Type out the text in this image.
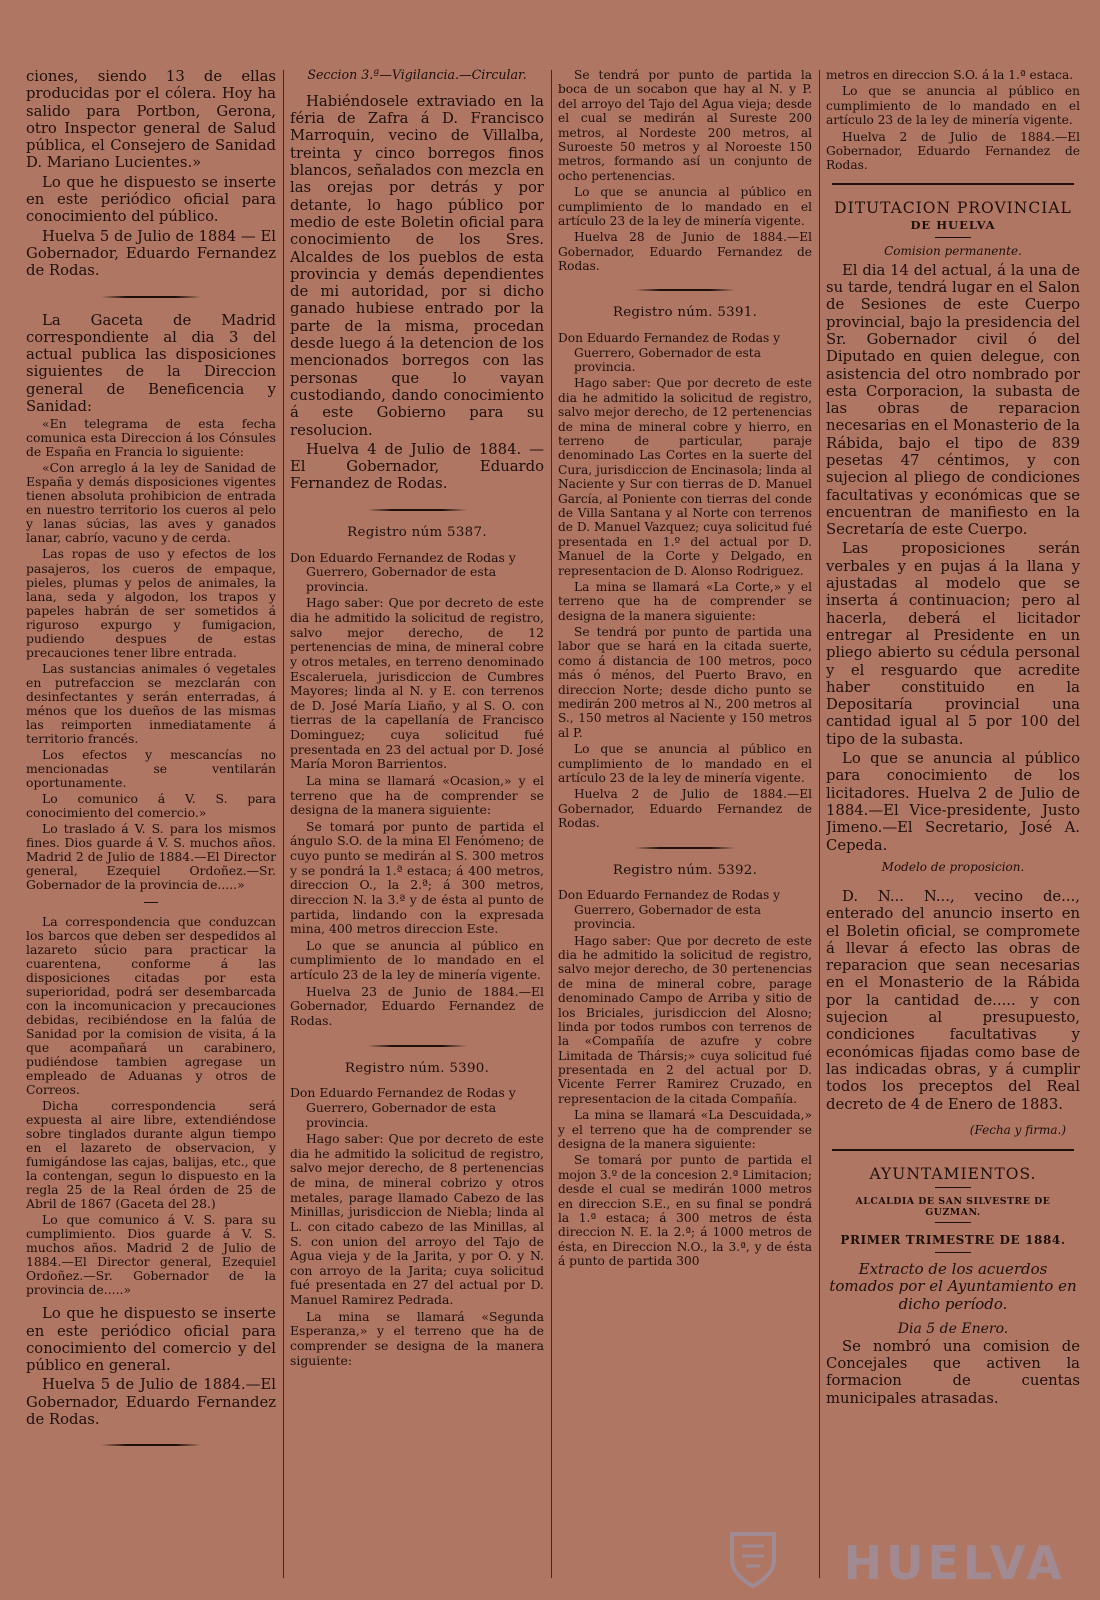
ciones, siendo 13 de ellas producidas por el cólera. Hoy ha salido para Portbon, Gerona, otro Inspector general de Salud pública, el Consejero de Sanidad D. Mariano Lucientes.»

Lo que he dispuesto se inserte en este periódico oficial para conocimiento del público.

Huelva 5 de Julio de 1884 — El Gobernador, Eduardo Fernandez de Rodas.

La Gaceta de Madrid correspondiente al dia 3 del actual publica las disposiciones siguientes de la Direccion general de Beneficencia y Sanidad:

«En telegrama de esta fecha comunica esta Direccion á los Cónsules de España en Francia lo siguiente:

«Con arreglo á la ley de Sanidad de España y demás disposiciones vigentes tienen absoluta prohibicion de entrada en nuestro territorio los cueros al pelo y lanas súcias, las aves y ganados lanar, cabrío, vacuno y de cerda.

Las ropas de uso y efectos de los pasajeros, los cueros de empaque, pieles, plumas y pelos de animales, la lana, seda y algodon, los trapos y papeles habrán de ser sometidos á riguroso expurgo y fumigacion, pudiendo despues de estas precauciones tener libre entrada.

Las sustancias animales ó vegetales en putrefaccion se mezclarán con desinfectantes y serán enterradas, á ménos que los dueños de las mismas las reimporten inmediatamente á territorio francés.

Los efectos y mescancías no mencionadas se ventilarán oportunamente.

Lo comunico á V. S. para conocimiento del comercio.»

Lo traslado á V. S. para los mismos fines. Dios guarde á V. S. muchos años. Madrid 2 de Julio de 1884.—El Director general, Ezequiel Ordoñez.—Sr. Gobernador de la provincia de.....»

La correspondencia que conduzcan los barcos que deben ser despedidos al lazareto súcio para practicar la cuarentena, conforme á las disposiciones citadas por esta superioridad, podrá ser desembarcada con la incomunicacion y precauciones debidas, recibiéndose en la falúa de Sanidad por la comision de visita, á la que acompañará un carabinero, pudiéndose tambien agregase un empleado de Aduanas y otros de Correos.

Dicha correspondencia será expuesta al aire libre, extendiéndose sobre tinglados durante algun tiempo en el lazareto de observacion, y fumigándose las cajas, balijas, etc., que la contengan, segun lo dispuesto en la regla 25 de la Real órden de 25 de Abril de 1867 (Gaceta del 28.)

Lo que comunico á V. S. para su cumplimiento. Dios guarde á V. S. muchos años. Madrid 2 de Julio de 1884.—El Director general, Ezequiel Ordoñez.—Sr. Gobernador de la provincia de.....»

Lo que he dispuesto se inserte en este periódico oficial para conocimiento del comercio y del público en general.

Huelva 5 de Julio de 1884.—El Gobernador, Eduardo Fernandez de Rodas.

Seccion 3.ª—Vigilancia.—Circular.

Habiéndosele extraviado en la féria de Zafra á D. Francisco Marroquin, vecino de Villalba, treinta y cinco borregos finos blancos, señalados con mezcla en las orejas por detrás y por detante, lo hago público por medio de este Boletin oficial para conocimiento de los Sres. Alcaldes de los pueblos de esta provincia y demás dependientes de mi autoridad, por si dicho ganado hubiese entrado por la parte de la misma, procedan desde luego á la detencion de los mencionados borregos con las personas que lo vayan custodiando, dando conocimiento á este Gobierno para su resolucion.

Huelva 4 de Julio de 1884. — El Gobernador, Eduardo Fernandez de Rodas.

Registro núm 5387.

Don Eduardo Fernandez de Rodas y Guerrero, Gobernador de esta provincia.

Hago saber: Que por decreto de este dia he admitido la solicitud de registro, salvo mejor derecho, de 12 pertenencias de mina, de mineral cobre y otros metales, en terreno denominado Escaleruela, jurisdiccion de Cumbres Mayores; linda al N. y E. con terrenos de D. José María Liaño, y al S. O. con tierras de la capellanía de Francisco Dominguez; cuya solicitud fué presentada en 23 del actual por D. José María Moron Barrientos.

La mina se llamará «Ocasion,» y el terreno que ha de comprender se designa de la manera siguiente:

Se tomará por punto de partida el ángulo S.O. de la mina El Fenómeno; de cuyo punto se medirán al S. 300 metros y se pondrá la 1.ª estaca; á 400 metros, direccion O., la 2.ª; á 300 metros, direccion N. la 3.ª y de ésta al punto de partida, lindando con la expresada mina, 400 metros direccion Este.

Lo que se anuncia al público en cumplimiento de lo mandado en el artículo 23 de la ley de minería vigente.

Huelva 23 de Junio de 1884.—El Gobernador, Eduardo Fernandez de Rodas.

Registro núm. 5390.

Don Eduardo Fernandez de Rodas y Guerrero, Gobernador de esta provincia.

Hago saber: Que por decreto de este dia he admitido la solicitud de registro, salvo mejor derecho, de 8 pertenencias de mina, de mineral cobrizo y otros metales, parage llamado Cabezo de las Minillas, jurisdiccion de Niebla; linda al L. con citado cabezo de las Minillas, al S. con union del arroyo del Tajo de Agua vieja y de la Jarita, y por O. y N. con arroyo de la Jarita; cuya solicitud fué presentada en 27 del actual por D. Manuel Ramirez Pedrada.

La mina se llamará «Segunda Esperanza,» y el terreno que ha de comprender se designa de la manera siguiente:

Se tendrá por punto de partida la boca de un socabon que hay al N. y P. del arroyo del Tajo del Agua vieja; desde el cual se medirán al Sureste 200 metros, al Nordeste 200 metros, al Suroeste 50 metros y al Noroeste 150 metros, formando así un conjunto de ocho pertenencias.

Lo que se anuncia al público en cumplimiento de lo mandado en el artículo 23 de la ley de minería vigente.

Huelva 28 de Junio de 1884.—El Gobernador, Eduardo Fernandez de Rodas.

Registro núm. 5391.

Don Eduardo Fernandez de Rodas y Guerrero, Gobernador de esta provincia.

Hago saber: Que por decreto de este dia he admitido la solicitud de registro, salvo mejor derecho, de 12 pertenencias de mina de mineral cobre y hierro, en terreno de particular, paraje denominado Las Cortes en la suerte del Cura, jurisdiccion de Encinasola; linda al Naciente y Sur con tierras de D. Manuel García, al Poniente con tierras del conde de Villa Santana y al Norte con terrenos de D. Manuel Vazquez; cuya solicitud fué presentada en 1.º del actual por D. Manuel de la Corte y Delgado, en representacion de D. Alonso Rodriguez.

La mina se llamará «La Corte,» y el terreno que ha de comprender se designa de la manera siguiente:

Se tendrá por punto de partida una labor que se hará en la citada suerte, como á distancia de 100 metros, poco más ó ménos, del Puerto Bravo, en direccion Norte; desde dicho punto se medirán 200 metros al N., 200 metros al S., 150 metros al Naciente y 150 metros al P.

Lo que se anuncia al público en cumplimiento de lo mandado en el artículo 23 de la ley de minería vigente.

Huelva 2 de Julio de 1884.—El Gobernador, Eduardo Fernandez de Rodas.

Registro núm. 5392.

Don Eduardo Fernandez de Rodas y Guerrero, Gobernador de esta provincia.

Hago saber: Que por decreto de este dia he admitido la solicitud de registro, salvo mejor derecho, de 30 pertenencias de mina de mineral cobre, parage denominado Campo de Arriba y sitio de los Briciales, jurisdiccion del Alosno; linda por todos rumbos con terrenos de la «Compañía de azufre y cobre Limitada de Thársis;» cuya solicitud fué presentada en 2 del actual por D. Vicente Ferrer Ramirez Cruzado, en representacion de la citada Compañía.

La mina se llamará «La Descuidada,» y el terreno que ha de comprender se designa de la manera siguiente:

Se tomará por punto de partida el mojon 3.º de la concesion 2.ª Limitacion; desde el cual se medirán 1000 metros en direccion S.E., en su final se pondrá la 1.ª estaca; á 300 metros de ésta direccion N. E. la 2.ª; á 1000 metros de ésta, en Direccion N.O., la 3.ª, y de ésta á punto de partida 300

metros en direccion S.O. á la 1.ª estaca.

Lo que se anuncia al público en cumplimiento de lo mandado en el artículo 23 de la ley de minería vigente.

Huelva 2 de Julio de 1884.—El Gobernador, Eduardo Fernandez de Rodas.

DITUTACION PROVINCIAL
DE HUELVA
Comision permanente.

El dia 14 del actual, á la una de su tarde, tendrá lugar en el Salon de Sesiones de este Cuerpo provincial, bajo la presidencia del Sr. Gobernador civil ó del Diputado en quien delegue, con asistencia del otro nombrado por esta Corporacion, la subasta de las obras de reparacion necesarias en el Monasterio de la Rábida, bajo el tipo de 839 pesetas 47 céntimos, y con sujecion al pliego de condiciones facultativas y económicas que se encuentran de manifiesto en la Secretaría de este Cuerpo.

Las proposiciones serán verbales y en pujas á la llana y ajustadas al modelo que se inserta á continuacion; pero al hacerla, deberá el licitador entregar al Presidente en un pliego abierto su cédula personal y el resguardo que acredite haber constituido en la Depositaría provincial una cantidad igual al 5 por 100 del tipo de la subasta.

Lo que se anuncia al público para conocimiento de los licitadores. Huelva 2 de Julio de 1884.—El Vice-presidente, Justo Jimeno.—El Secretario, José A. Cepeda.

Modelo de proposicion.

D. N... N..., vecino de..., enterado del anuncio inserto en el Boletin oficial, se compromete á llevar á efecto las obras de reparacion que sean necesarias en el Monasterio de la Rábida por la cantidad de..... y con sujecion al presupuesto, condiciones facultativas y económicas fijadas como base de las indicadas obras, y á cumplir todos los preceptos del Real decreto de 4 de Enero de 1883.

(Fecha y firma.)
AYUNTAMIENTOS.
ALCALDIA DE SAN SILVESTRE DE GUZMAN.
PRIMER TRIMESTRE DE 1884.
Extracto de los acuerdos tomados por el Ayuntamiento en dicho período.
Dia 5 de Enero.

Se nombró una comision de Concejales que activen la formacion de cuentas municipales atrasadas.

HUELVA
